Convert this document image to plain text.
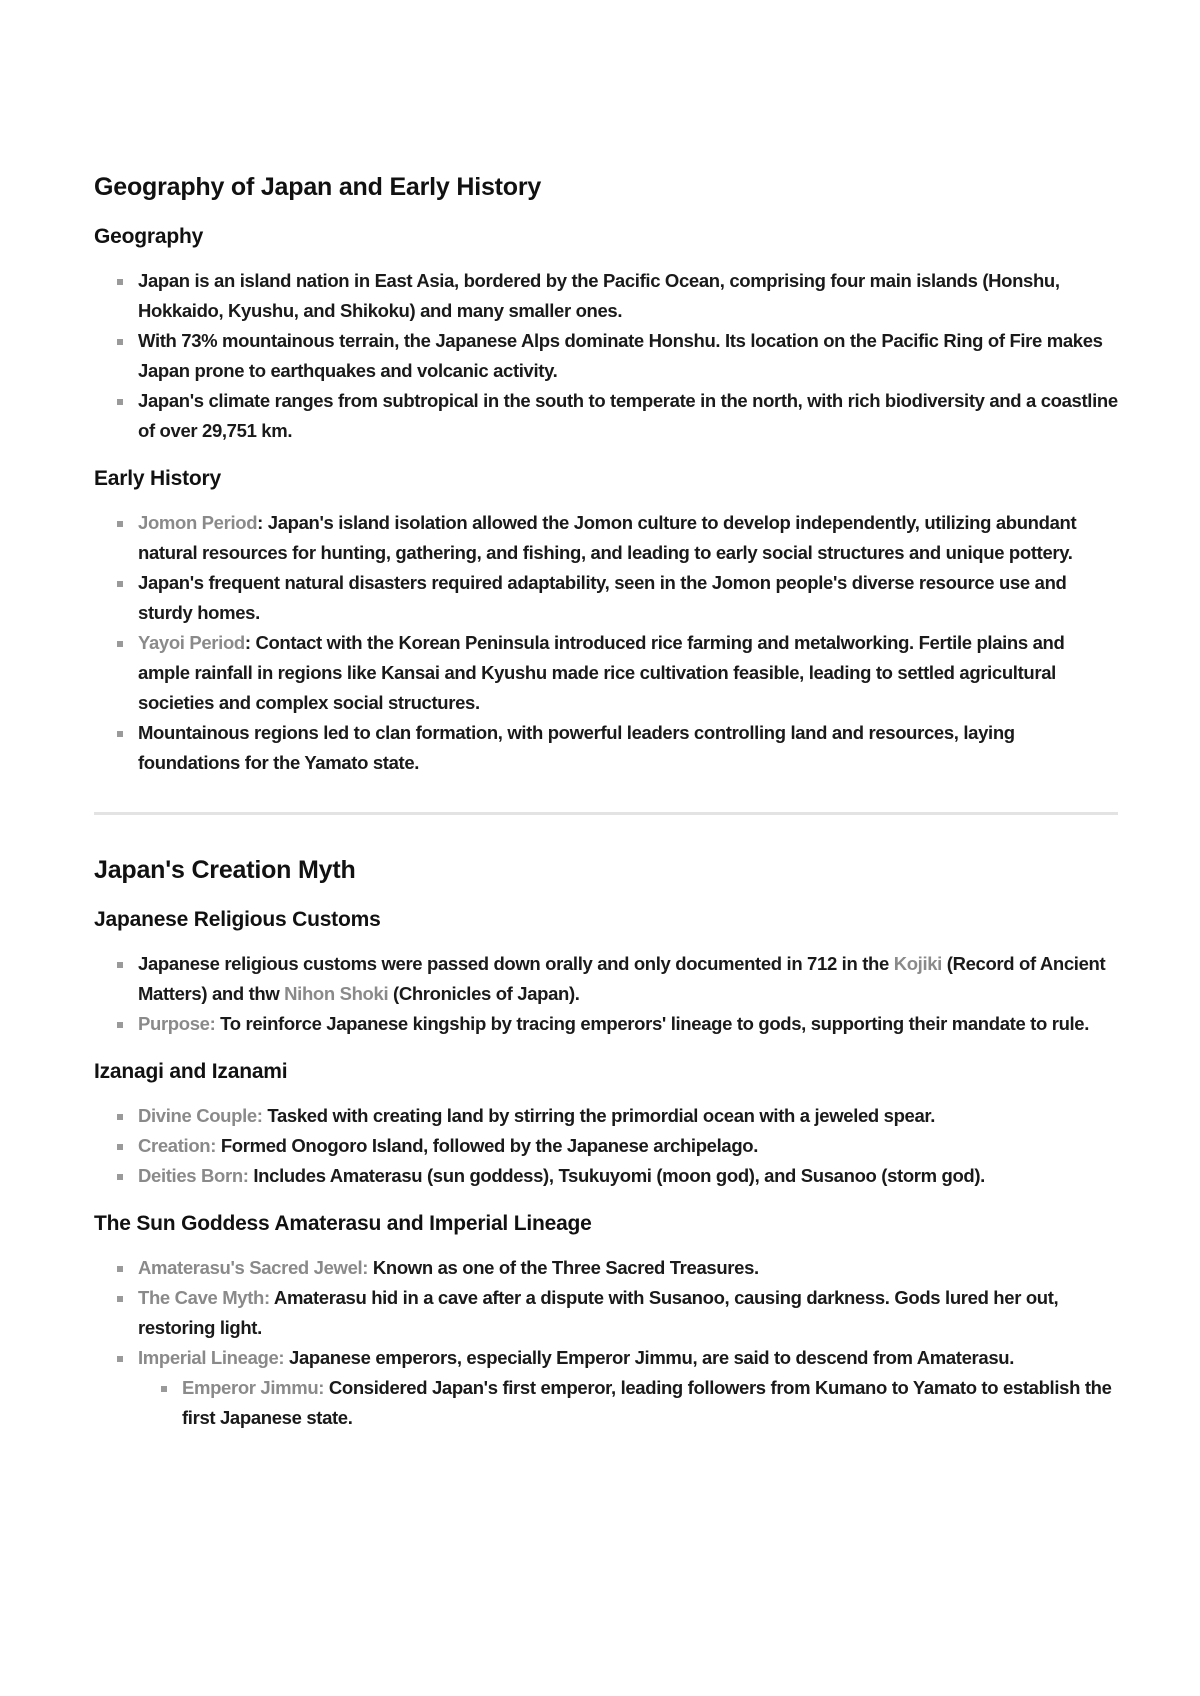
Geography of Japan and Early History
Geography
Japan is an island nation in East Asia, bordered by the Pacific Ocean, comprising four main islands (Honshu, Hokkaido, Kyushu, and Shikoku) and many smaller ones.
With 73% mountainous terrain, the Japanese Alps dominate Honshu. Its location on the Pacific Ring of Fire makes Japan prone to earthquakes and volcanic activity.
Japan's climate ranges from subtropical in the south to temperate in the north, with rich biodiversity and a coastline of over 29,751 km.
Early History
Jomon Period: Japan's island isolation allowed the Jomon culture to develop independently, utilizing abundant natural resources for hunting, gathering, and fishing, and leading to early social structures and unique pottery.
Japan's frequent natural disasters required adaptability, seen in the Jomon people's diverse resource use and sturdy homes.
Yayoi Period: Contact with the Korean Peninsula introduced rice farming and metalworking. Fertile plains and ample rainfall in regions like Kansai and Kyushu made rice cultivation feasible, leading to settled agricultural societies and complex social structures.
Mountainous regions led to clan formation, with powerful leaders controlling land and resources, laying foundations for the Yamato state.
Japan's Creation Myth
Japanese Religious Customs
Japanese religious customs were passed down orally and only documented in 712 in the Kojiki (Record of Ancient Matters) and thw Nihon Shoki (Chronicles of Japan).
Purpose: To reinforce Japanese kingship by tracing emperors' lineage to gods, supporting their mandate to rule.
Izanagi and Izanami
Divine Couple: Tasked with creating land by stirring the primordial ocean with a jeweled spear.
Creation: Formed Onogoro Island, followed by the Japanese archipelago.
Deities Born: Includes Amaterasu (sun goddess), Tsukuyomi (moon god), and Susanoo (storm god).
The Sun Goddess Amaterasu and Imperial Lineage
Amaterasu's Sacred Jewel: Known as one of the Three Sacred Treasures.
The Cave Myth: Amaterasu hid in a cave after a dispute with Susanoo, causing darkness. Gods lured her out, restoring light.
Imperial Lineage: Japanese emperors, especially Emperor Jimmu, are said to descend from Amaterasu.
Emperor Jimmu: Considered Japan's first emperor, leading followers from Kumano to Yamato to establish the first Japanese state.
